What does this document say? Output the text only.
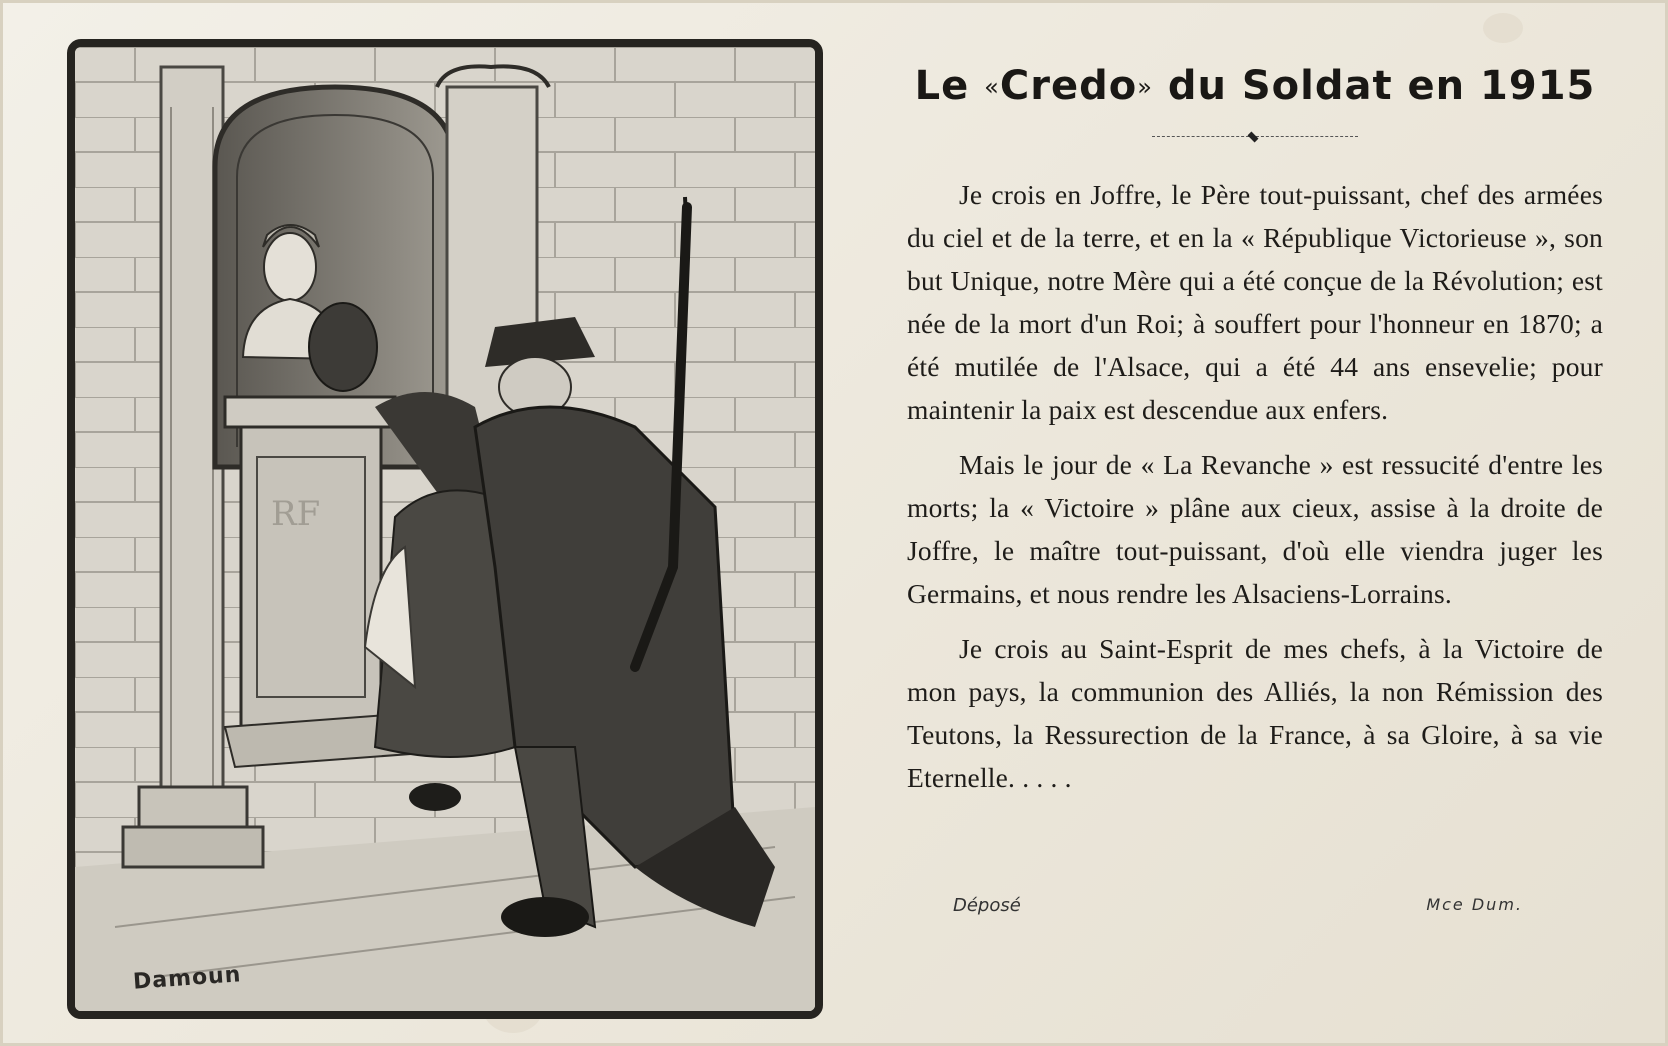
RF
Damoun
Le «Credo» du Soldat en 1915

Je crois en Joffre, le Père tout-puissant, chef des armées du ciel et de la terre, et en la « République Victorieuse », son but Unique, notre Mère qui a été conçue de la Révolution; est née de la mort d'un Roi; à souffert pour l'honneur en 1870; a été mutilée de l'Alsace, qui a été 44 ans ensevelie; pour maintenir la paix est descendue aux enfers.

Mais le jour de « La Revanche » est ressucité d'entre les morts; la « Victoire » plâne aux cieux, assise à la droite de Joffre, le maître tout-puissant, d'où elle viendra juger les Germains, et nous rendre les Alsaciens-Lorrains.

Je crois au Saint-Esprit de mes chefs, à la Victoire de mon pays, la communion des Alliés, la non Rémission des Teutons, la Ressurection de la France, à sa Gloire, à sa vie Eternelle. . . . .

Déposé	Mce Dum.
